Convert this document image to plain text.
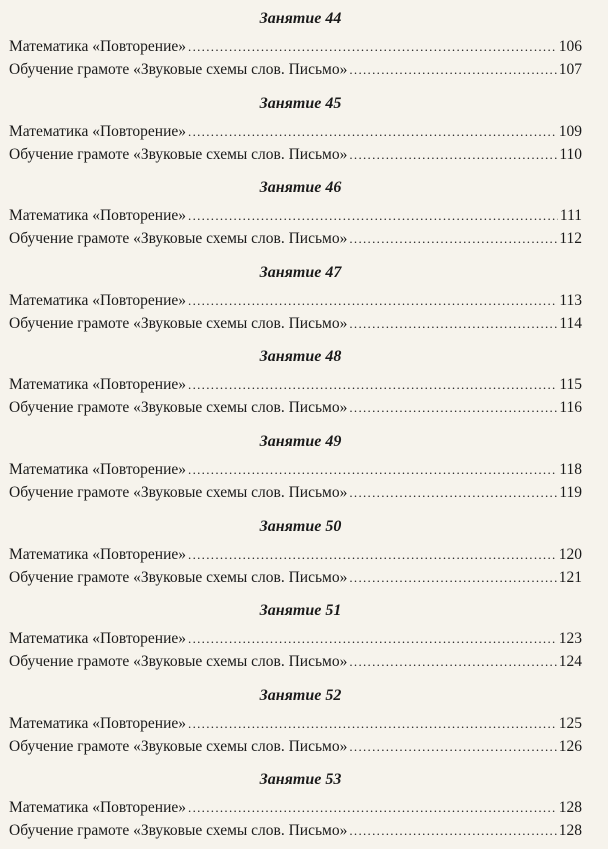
Занятие 44
Математика «Повторение» .....	106
Обучение грамоте «Звуковые схемы слов. Письмо» .....	107
Занятие 45
Математика «Повторение» .....	109
Обучение грамоте «Звуковые схемы слов. Письмо» .....	110
Занятие 46
Математика «Повторение» .....	111
Обучение грамоте «Звуковые схемы слов. Письмо» .....	112
Занятие 47
Математика «Повторение» .....	113
Обучение грамоте «Звуковые схемы слов. Письмо» .....	114
Занятие 48
Математика «Повторение» .....	115
Обучение грамоте «Звуковые схемы слов. Письмо» .....	116
Занятие 49
Математика «Повторение» .....	118
Обучение грамоте «Звуковые схемы слов. Письмо» .....	119
Занятие 50
Математика «Повторение» .....	120
Обучение грамоте «Звуковые схемы слов. Письмо» .....	121
Занятие 51
Математика «Повторение» .....	123
Обучение грамоте «Звуковые схемы слов. Письмо» .....	124
Занятие 52
Математика «Повторение» .....	125
Обучение грамоте «Звуковые схемы слов. Письмо» .....	126
Занятие 53
Математика «Повторение» .....	128
Обучение грамоте «Звуковые схемы слов. Письмо» .....	128
